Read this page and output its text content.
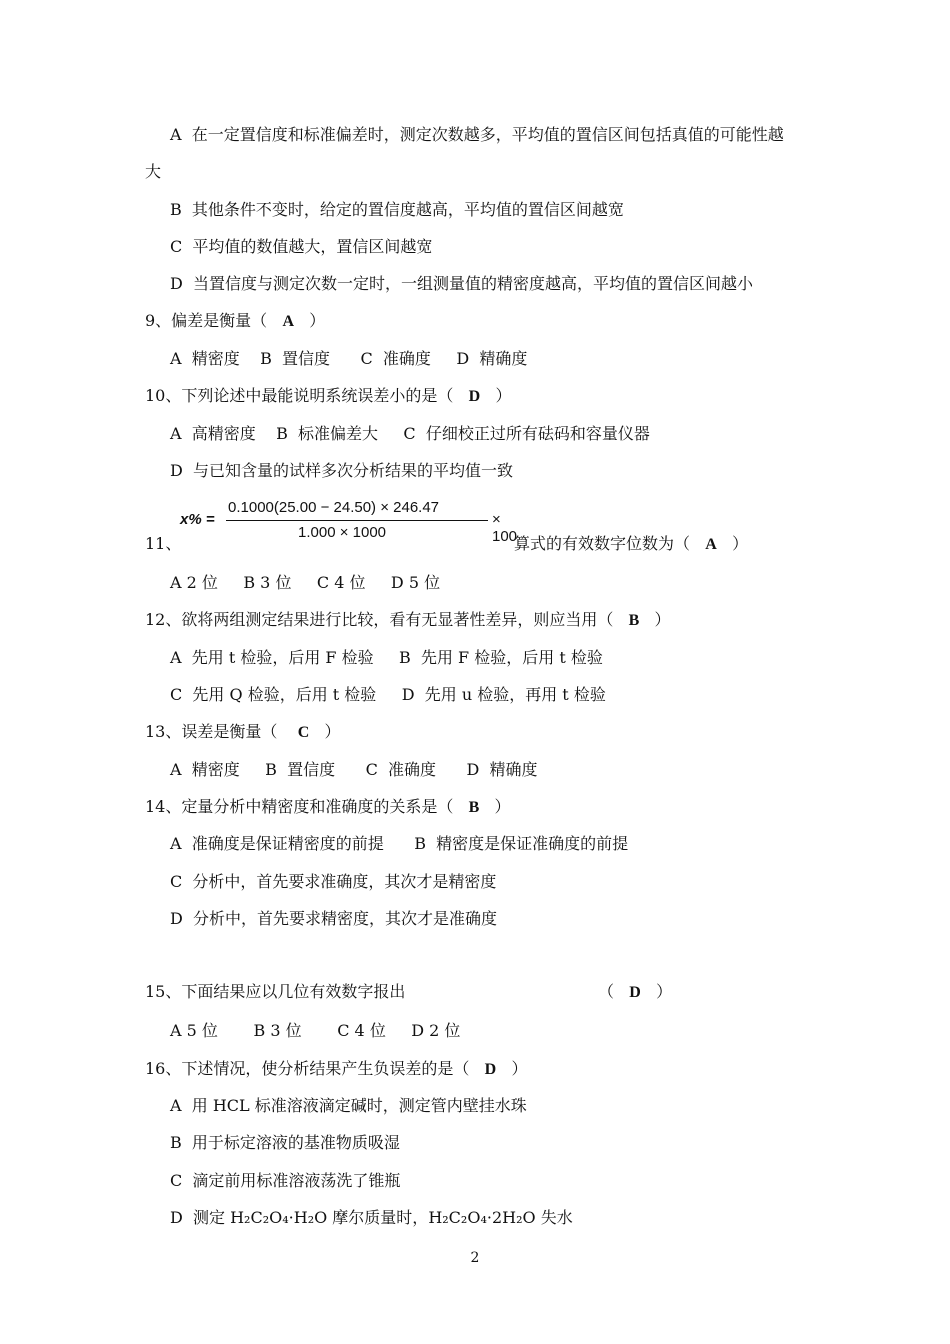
A  在一定置信度和标准偏差时，测定次数越多，平均值的置信区间包括真值的可能性越
大
B  其他条件不变时，给定的置信度越高，平均值的置信区间越宽
C  平均值的数值越大，置信区间越宽
D  当置信度与测定次数一定时，一组测量值的精密度越高，平均值的置信区间越小
9、偏差是衡量（   A   ）
A  精密度    B  置信度      C  准确度     D  精确度
10、下列论述中最能说明系统误差小的是（   D   ）
A  高精密度    B  标准偏差大     C  仔细校正过所有砝码和容量仪器
D  与已知含量的试样多次分析结果的平均值一致
x% =
0.1000(25.00 − 24.50) × 246.47
1.000 × 1000
× 100
11、	算式的有效数字位数为（   A   ）
A 2 位     B 3 位     C 4 位     D 5 位
12、欲将两组测定结果进行比较，看有无显著性差异，则应当用（   B   ）
A  先用 t 检验，后用 F 检验     B  先用 F 检验，后用 t 检验
C  先用 Q 检验，后用 t 检验     D  先用 u 检验，再用 t 检验
13、误差是衡量（    C   ）
A  精密度     B  置信度      C  准确度      D  精确度
14、定量分析中精密度和准确度的关系是（   B   ）
A  准确度是保证精密度的前提      B  精密度是保证准确度的前提
C  分析中，首先要求准确度，其次才是精密度
D  分析中，首先要求精密度，其次才是准确度
15、下面结果应以几位有效数字报出	（   D   ）
A 5 位       B 3 位       C 4 位     D 2 位
16、下述情况，使分析结果产生负误差的是（   D   ）
A  用 HCL 标准溶液滴定碱时，测定管内壁挂水珠
B  用于标定溶液的基准物质吸湿
C  滴定前用标准溶液荡洗了锥瓶
D  测定 H₂C₂O₄·H₂O 摩尔质量时，H₂C₂O₄·2H₂O 失水
2
